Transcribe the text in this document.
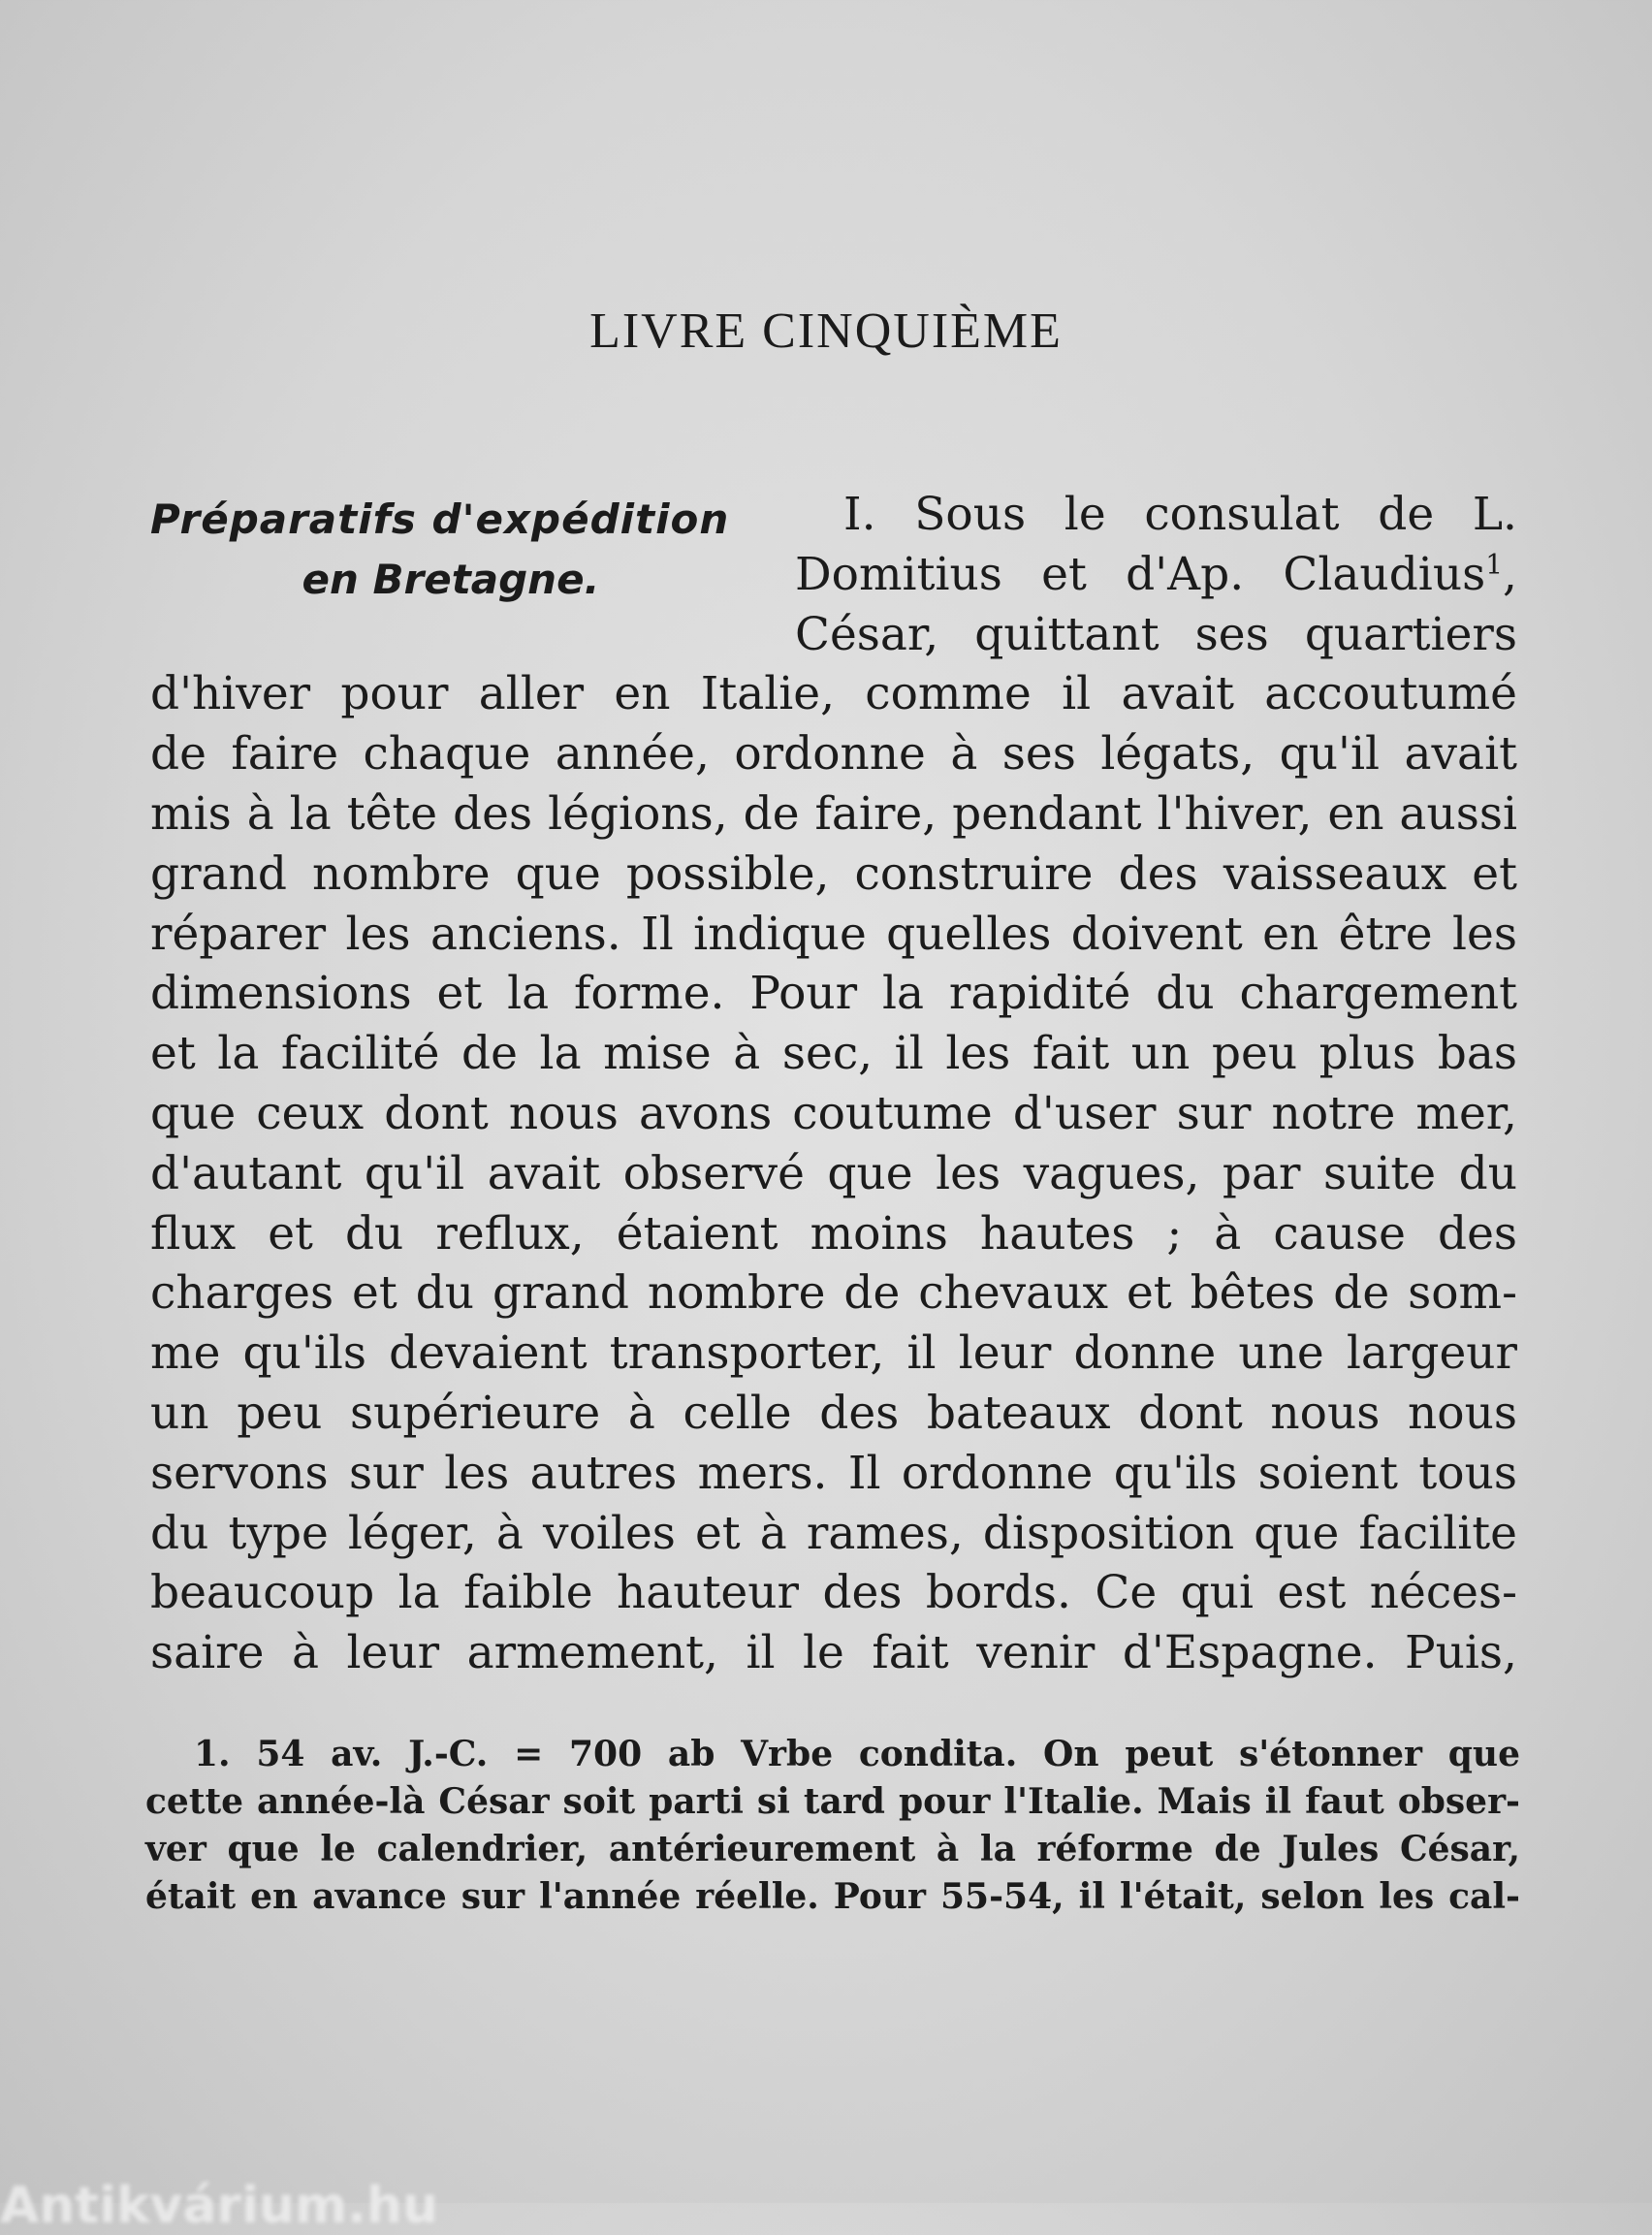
LIVRE CINQUIÈME
Préparatifs d'expédition
en Bretagne.
I. Sous le consulat de L.
Domitius et d'Ap. Claudius$^1$,
César, quittant ses quartiers
d'hiver pour aller en Italie, comme il avait accoutumé
de faire chaque année, ordonne à ses légats, qu'il avait
mis à la tête des légions, de faire, pendant l'hiver, en aussi
grand nombre que possible, construire des vaisseaux et
réparer les anciens. Il indique quelles doivent en être les
dimensions et la forme. Pour la rapidité du chargement
et la facilité de la mise à sec, il les fait un peu plus bas
que ceux dont nous avons coutume d'user sur notre mer,
d'autant qu'il avait observé que les vagues, par suite du
flux et du reflux, étaient moins hautes ; à cause des
charges et du grand nombre de chevaux et bêtes de som-
me qu'ils devaient transporter, il leur donne une largeur
un peu supérieure à celle des bateaux dont nous nous
servons sur les autres mers. Il ordonne qu'ils soient tous
du type léger, à voiles et à rames, disposition que facilite
beaucoup la faible hauteur des bords. Ce qui est néces-
saire à leur armement, il le fait venir d'Espagne. Puis,
1. 54 av. J.-C. = 700 ab Vrbe condita. On peut s'étonner que
cette année-là César soit parti si tard pour l'Italie. Mais il faut obser-
ver que le calendrier, antérieurement à la réforme de Jules César,
était en avance sur l'année réelle. Pour 55-54, il l'était, selon les cal-
Antikvárium.hu
